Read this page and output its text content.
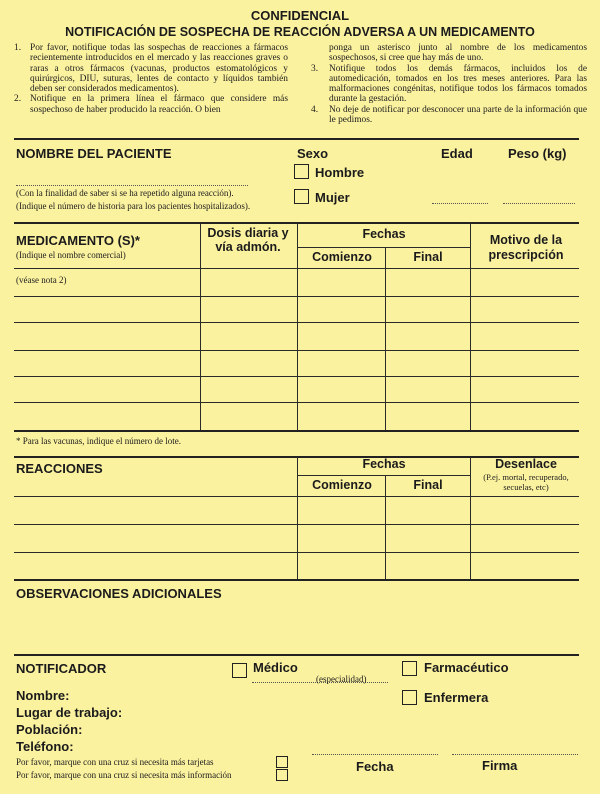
CONFIDENCIAL
NOTIFICACIÓN DE SOSPECHA DE REACCIÓN ADVERSA A UN MEDICAMENTO
1. Por favor, notifique todas las sospechas de reacciones a fármacos recientemente introducidos en el mercado y las reacciones graves o raras a otros fármacos (vacunas, productos estomatológicos y quirúrgicos, DIU, suturas, lentes de contacto y líquidos también deben ser considerados medicamentos).
2. Notifique en la primera línea el fármaco que considere más sospechoso de haber producido la reacción. O bien
ponga un asterisco junto al nombre de los medicamentos sospechosos, si cree que hay más de uno.
3.	Notifique todos los demás fármacos, incluidos los de automedicación, tomados en los tres meses anteriores. Para las malformaciones congénitas, notifique todos los fármacos tomados durante la gestación.
4.	No deje de notificar por desconocer una parte de la información que le pedimos.
NOMBRE DEL PACIENTE
(Con la finalidad de saber si se ha repetido alguna reacción).
(Indique el número de historia para los pacientes hospitalizados).
Sexo
Hombre
Mujer
Edad	Peso (kg)
MEDICAMENTO (S)*
(Indique el nombre comercial)
(véase nota 2)
Dosis diaria y vía admón.
Fechas
Comienzo	Final
Motivo de la prescripción
* Para las vacunas, indique el número de lote.
REACCIONES	Fechas
Comienzo	Final
Desenlace
(P.ej. mortal, recuperado, secuelas, etc)
OBSERVACIONES ADICIONALES
NOTIFICADOR	Médico
(especialidad)
Farmacéutico
Enfermera
Nombre:
Lugar de trabajo:
Población:
Teléfono:
Por favor, marque con una cruz si necesita más tarjetas
Por favor, marque con una cruz si necesita más información
Fecha	Firma
